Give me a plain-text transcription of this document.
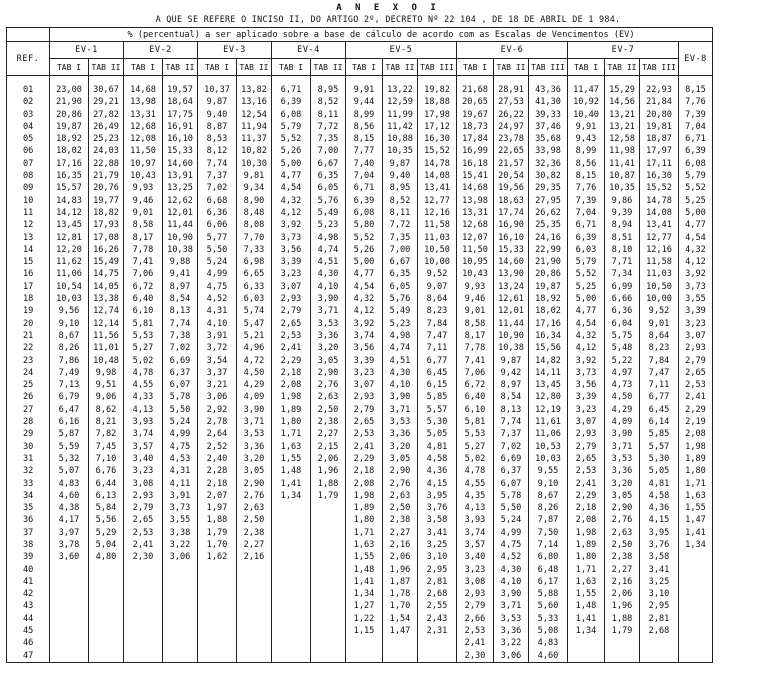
A N E X O I
A QUE SE REFERE O INCISO II, DO ARTIGO 2º, DECRETO Nº 22 104 , DE 18 DE ABRIL DE 1 984.
	% (percentual) a ser aplicado sobre a base de cálculo de acordo com as Escalas de Vencimentos (EV)																	
REF.	EV-1		EV-2		EV-3		EV-4		EV-5			EV-6			EV-7			EV-8
	TAB I	TAB II	TAB I	TAB II	TAB I	TAB II	TAB I	TAB II	TAB I	TAB II	TAB III	TAB I	TAB II	TAB III	TAB I	TAB II	TAB III	

01	23,00	30,67	14,68	19,57	10,37	13,82	6,71	8,95	9,91	13,22	19,82	21,68	28,91	43,36	11,47	15,29	22,93	8,15
02	21,90	29,21	13,98	18,64	9,87	13,16	6,39	8,52	9,44	12,59	18,88	20,65	27,53	41,30	10,92	14,56	21,84	7,76
03	20,86	27,82	13,31	17,75	9,40	12,54	6,08	8,11	8,99	11,99	17,98	19,67	26,22	39,33	10,40	13,21	20,80	7,39
04	19,87	26,49	12,68	16,91	8,87	11,94	5,79	7,72	8,56	11,42	17,12	18,73	24,97	37,46	9,91	13,21	19,81	7,04
05	18,92	25,23	12,08	16,10	8,53	11,37	5,52	7,35	8,15	10,88	16,30	17,84	23,78	35,68	9,43	12,58	18,87	6,71
06	18,02	24,03	11,50	15,33	8,12	10,82	5,26	7,00	7,77	10,35	15,52	16,99	22,65	33,98	8,99	11,98	17,97	6,39
07	17,16	22,88	10,97	14,60	7,74	10,30	5,00	6,67	7,40	9,87	14,78	16,18	21,57	32,36	8,56	11,41	17,11	6,08
08	16,35	21,79	10,43	13,91	7,37	9,81	4,77	6,35	7,04	9,40	14,08	15,41	20,54	30,82	8,15	10,87	16,30	5,79
09	15,57	20,76	9,93	13,25	7,02	9,34	4,54	6,05	6,71	8,95	13,41	14,68	19,56	29,35	7,76	10,35	15,52	5,52
10	14,83	19,77	9,46	12,62	6,68	8,90	4,32	5,76	6,39	8,52	12,77	13,98	18,63	27,95	7,39	9,86	14,78	5,25
11	14,12	18,82	9,01	12,01	6,36	8,48	4,12	5,49	6,08	8,11	12,16	13,31	17,74	26,62	7,04	9,39	14,08	5,00
12	13,45	17,93	8,58	11,44	6,06	8,08	3,92	5,23	5,80	7,72	11,58	12,68	16,90	25,35	6,71	8,94	13,41	4,77
13	12,81	17,08	8,17	10,90	5,77	7,70	3,73	4,98	5,52	7,35	11,03	12,07	16,10	24,16	6,39	8,51	12,77	4,54
14	12,20	16,26	7,78	10,38	5,50	7,33	3,56	4,74	5,26	7,00	10,50	11,50	15,33	22,99	6,03	8,10	12,16	4,32
15	11,62	15,49	7,41	9,88	5,24	6,98	3,39	4,51	5,00	6,67	10,00	10,95	14,60	21,90	5,79	7,71	11,58	4,12
16	11,06	14,75	7,06	9,41	4,99	6,65	3,23	4,30	4,77	6,35	9,52	10,43	13,90	20,86	5,52	7,34	11,03	3,92
17	10,54	14,05	6,72	8,97	4,75	6,33	3,07	4,10	4,54	6,05	9,07	9,93	13,24	19,87	5,25	6,99	10,50	3,73
18	10,03	13,38	6,40	8,54	4,52	6,03	2,93	3,90	4,32	5,76	8,64	9,46	12,61	18,92	5,00	6,66	10,00	3,55
19	9,56	12,74	6,10	8,13	4,31	5,74	2,79	3,71	4,12	5,49	8,23	9,01	12,01	18,02	4,77	6,36	9,52	3,39
20	9,10	12,14	5,81	7,74	4,10	5,47	2,65	3,53	3,92	5,23	7,84	8,58	11,44	17,16	4,54	6,04	9,01	3,23
21	8,67	11,56	5,53	7,38	3,91	5,21	2,53	3,36	3,74	4,98	7,47	8,17	10,90	16,34	4,32	5,75	8,64	3,07
22	8,26	11,01	5,27	7,02	3,72	4,96	2,41	3,20	3,56	4,74	7,11	7,78	10,38	15,56	4,12	5,48	8,23	2,93
23	7,86	10,48	5,02	6,69	3,54	4,72	2,29	3,05	3,39	4,51	6,77	7,41	9,87	14,82	3,92	5,22	7,84	2,79
24	7,49	9,98	4,78	6,37	3,37	4,50	2,18	2,90	3,23	4,30	6,45	7,06	9,42	14,11	3,73	4,97	7,47	2,65
25	7,13	9,51	4,55	6,07	3,21	4,29	2,08	2,76	3,07	4,10	6,15	6,72	8,97	13,45	3,56	4,73	7,11	2,53
26	6,79	9,06	4,33	5,78	3,06	4,09	1,98	2,63	2,93	3,90	5,85	6,40	8,54	12,80	3,39	4,50	6,77	2,41
27	6,47	8,62	4,13	5,50	2,92	3,90	1,89	2,50	2,79	3,71	5,57	6,10	8,13	12,19	3,23	4,29	6,45	2,29
28	6,16	8,21	3,93	5,24	2,78	3,71	1,80	2,38	2,65	3,53	5,30	5,81	7,74	11,61	3,07	4,09	6,14	2,19
29	5,87	7,82	3,74	4,99	2,64	3,53	1,71	2,27	2,53	3,36	5,05	5,53	7,37	11,06	2,93	3,90	5,85	2,08
30	5,59	7,45	3,57	4,75	2,52	3,36	1,63	2,15	2,41	3,20	4,81	5,27	7,02	10,53	2,79	3,71	5,57	1,98
31	5,32	7,10	3,40	4,53	2,40	3,20	1,55	2,06	2,29	3,05	4,58	5,02	6,69	10,03	2,65	3,53	5,30	1,89
32	5,07	6,76	3,23	4,31	2,28	3,05	1,48	1,96	2,18	2,90	4,36	4,78	6,37	9,55	2,53	3,36	5,05	1,80
33	4,83	6,44	3,08	4,11	2,18	2,90	1,41	1,88	2,08	2,76	4,15	4,55	6,07	9,10	2,41	3,20	4,81	1,71
34	4,60	6,13	2,93	3,91	2,07	2,76	1,34	1,79	1,98	2,63	3,95	4,35	5,78	8,67	2,29	3,05	4,58	1,63
35	4,38	5,84	2,79	3,73	1,97	2,63			1,89	2,50	3,76	4,13	5,50	8,26	2,18	2,90	4,36	1,55
36	4,17	5,56	2,65	3,55	1,88	2,50			1,80	2,38	3,58	3,93	5,24	7,87	2,08	2,76	4,15	1,47
37	3,97	5,29	2,53	3,38	1,79	2,38			1,71	2,27	3,41	3,74	4,99	7,50	1,98	2,63	3,95	1,41
38	3,78	5,04	2,41	3,22	1,70	2,27			1,63	2,16	3,25	3,57	4,75	7,14	1,89	2,50	3,76	1,34
39	3,60	4,80	2,30	3,06	1,62	2,16			1,55	2,06	3,10	3,40	4,52	6,80	1,80	2,38	3,58	
40									1,48	1,96	2,95	3,23	4,30	6,48	1,71	2,27	3,41	
41									1,41	1,87	2,81	3,08	4,10	6,17	1,63	2,16	3,25	
42									1,34	1,78	2,68	2,93	3,90	5,88	1,55	2,06	3,10	
43									1,27	1,70	2,55	2,79	3,71	5,60	1,48	1,96	2,95	
44									1,22	1,54	2,43	2,66	3,53	5,33	1,41	1,88	2,81	
45									1,15	1,47	2,31	2,53	3,36	5,08	1,34	1,79	2,68	
46												2,41	3,22	4,83				
47												2,30	3,06	4,60				
